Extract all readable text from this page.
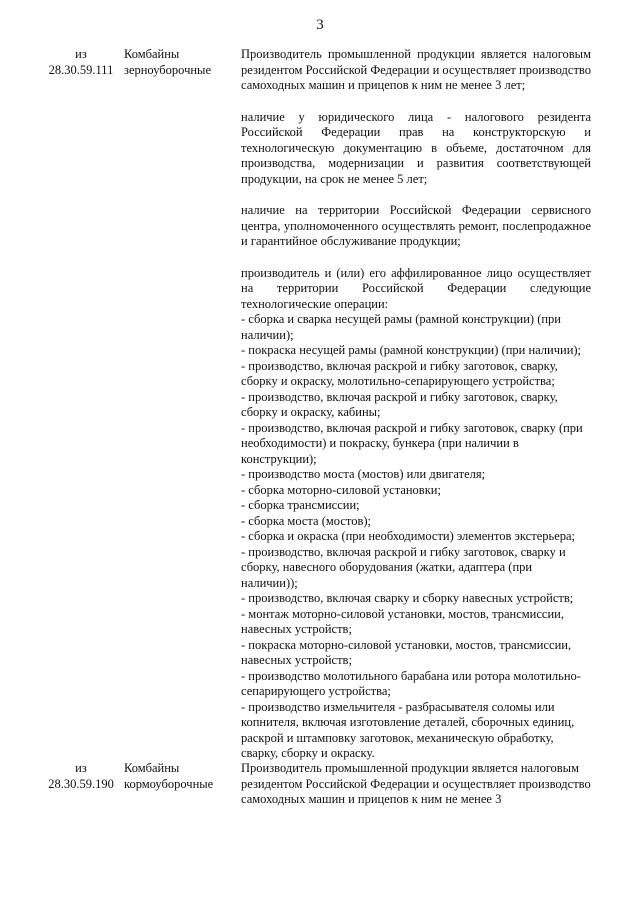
3
из
28.30.59.111
Комбайны
зерноуборочные

Производитель промышленной продукции является налоговым резидентом Российской Федерации и осуществляет производство самоходных машин и прицепов к ним не менее 3 лет;

наличие у юридического лица - налогового резидента Российской Федерации прав на конструкторскую и технологическую документацию в объеме, достаточном для производства, модернизации и развития соответствующей продукции, на срок не менее 5 лет;

наличие на территории Российской Федерации сервисного центра, уполномоченного осуществлять ремонт, послепродажное и гарантийное обслуживание продукции;

производитель и (или) его аффилированное лицо осуществляет на территории Российской Федерации следующие технологические операции:

- сборка и сварка несущей рамы (рамной конструкции) (при наличии);
- покраска несущей рамы (рамной конструкции) (при наличии);
- производство, включая раскрой и гибку заготовок, сварку, сборку и окраску, молотильно-сепарирующего устройства;
- производство, включая раскрой и гибку заготовок, сварку, сборку и окраску, кабины;
- производство, включая раскрой и гибку заготовок, сварку (при необходимости) и покраску, бункера (при наличии в конструкции);
- производство моста (мостов) или двигателя;
- сборка моторно-силовой установки;
- сборка трансмиссии;
- сборка моста (мостов);
- сборка и окраска (при необходимости) элементов экстерьера;
- производство, включая раскрой и гибку заготовок, сварку и сборку, навесного оборудования (жатки, адаптера (при наличии));
- производство, включая сварку и сборку навесных устройств;
- монтаж моторно-силовой установки, мостов, трансмиссии, навесных устройств;
- покраска моторно-силовой установки, мостов, трансмиссии, навесных устройств;
- производство молотильного барабана или ротора молотильно-сепарирующего устройства;
- производство измельчителя - разбрасывателя соломы или копнителя, включая изготовление деталей, сборочных единиц, раскрой и штамповку заготовок, механическую обработку, сварку, сборку и окраску.
из
28.30.59.190
Комбайны
кормоуборочные

Производитель промышленной продукции является налоговым резидентом Российской Федерации и осуществляет производство самоходных машин и прицепов к ним не менее 3
